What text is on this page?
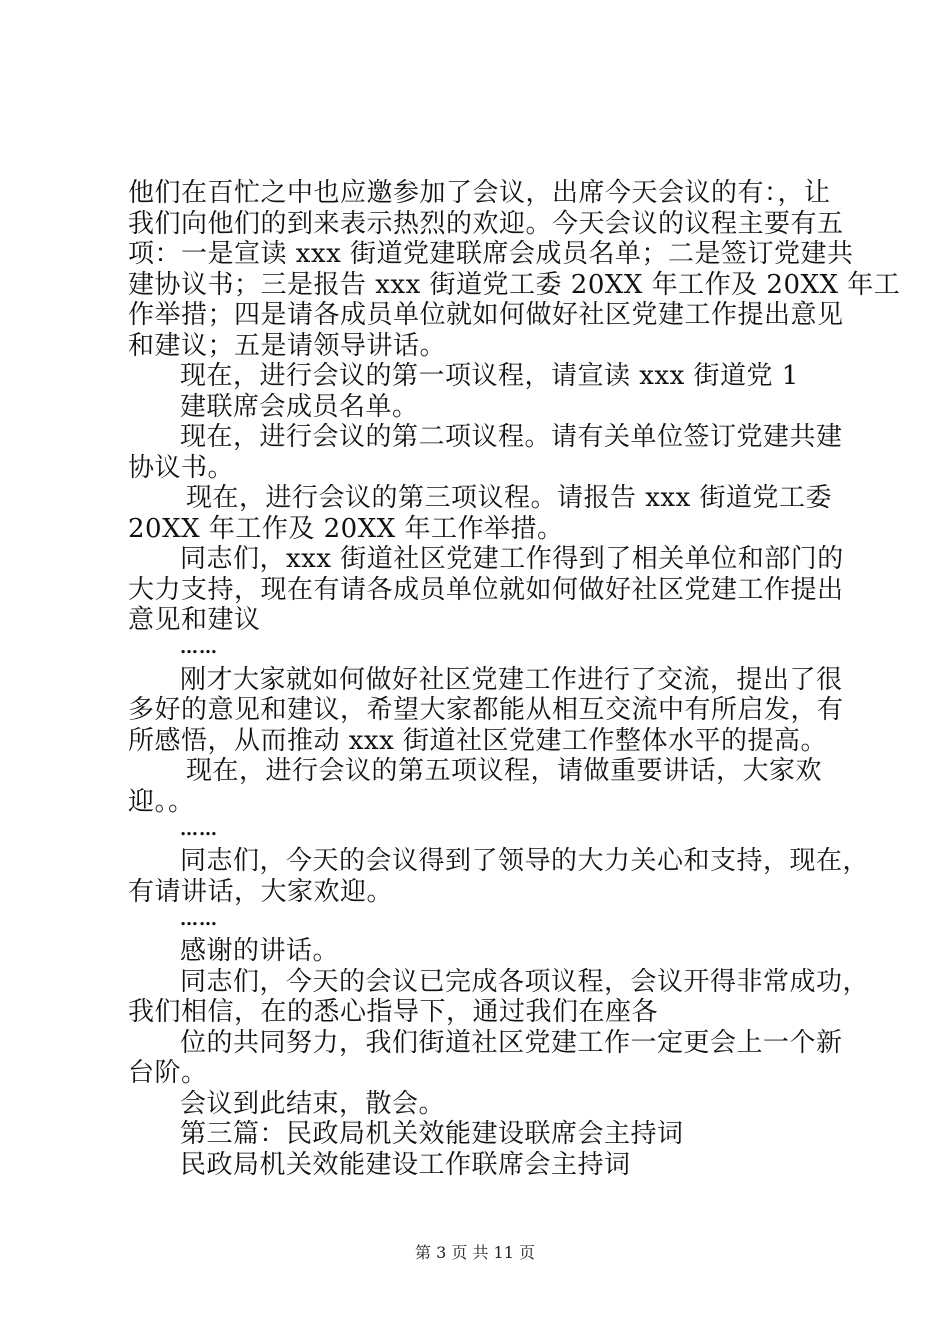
他们在百忙之中也应邀参加了会议，出席今天会议的有：，让
我们向他们的到来表示热烈的欢迎。今天会议的议程主要有五
项：一是宣读 xxx 街道党建联席会成员名单；二是签订党建共
建协议书；三是报告 xxx 街道党工委 20XX 年工作及 20XX 年工
作举措；四是请各成员单位就如何做好社区党建工作提出意见
和建议；五是请领导讲话。
现在，进行会议的第一项议程，请宣读 xxx 街道党 1
建联席会成员名单。
现在，进行会议的第二项议程。请有关单位签订党建共建
协议书。
现在，进行会议的第三项议程。请报告 xxx 街道党工委
20XX 年工作及 20XX 年工作举措。
同志们，xxx 街道社区党建工作得到了相关单位和部门的
大力支持，现在有请各成员单位就如何做好社区党建工作提出
意见和建议
……
刚才大家就如何做好社区党建工作进行了交流，提出了很
多好的意见和建议，希望大家都能从相互交流中有所启发，有
所感悟，从而推动 xxx 街道社区党建工作整体水平的提高。
现在，进行会议的第五项议程，请做重要讲话，大家欢
迎。。
……
同志们，今天的会议得到了领导的大力关心和支持，现在，
有请讲话，大家欢迎。
……
感谢的讲话。
同志们，今天的会议已完成各项议程，会议开得非常成功，
我们相信，在的悉心指导下，通过我们在座各
位的共同努力，我们街道社区党建工作一定更会上一个新
台阶。
会议到此结束，散会。
第三篇：民政局机关效能建设联席会主持词
民政局机关效能建设工作联席会主持词
第 3 页 共 11 页
